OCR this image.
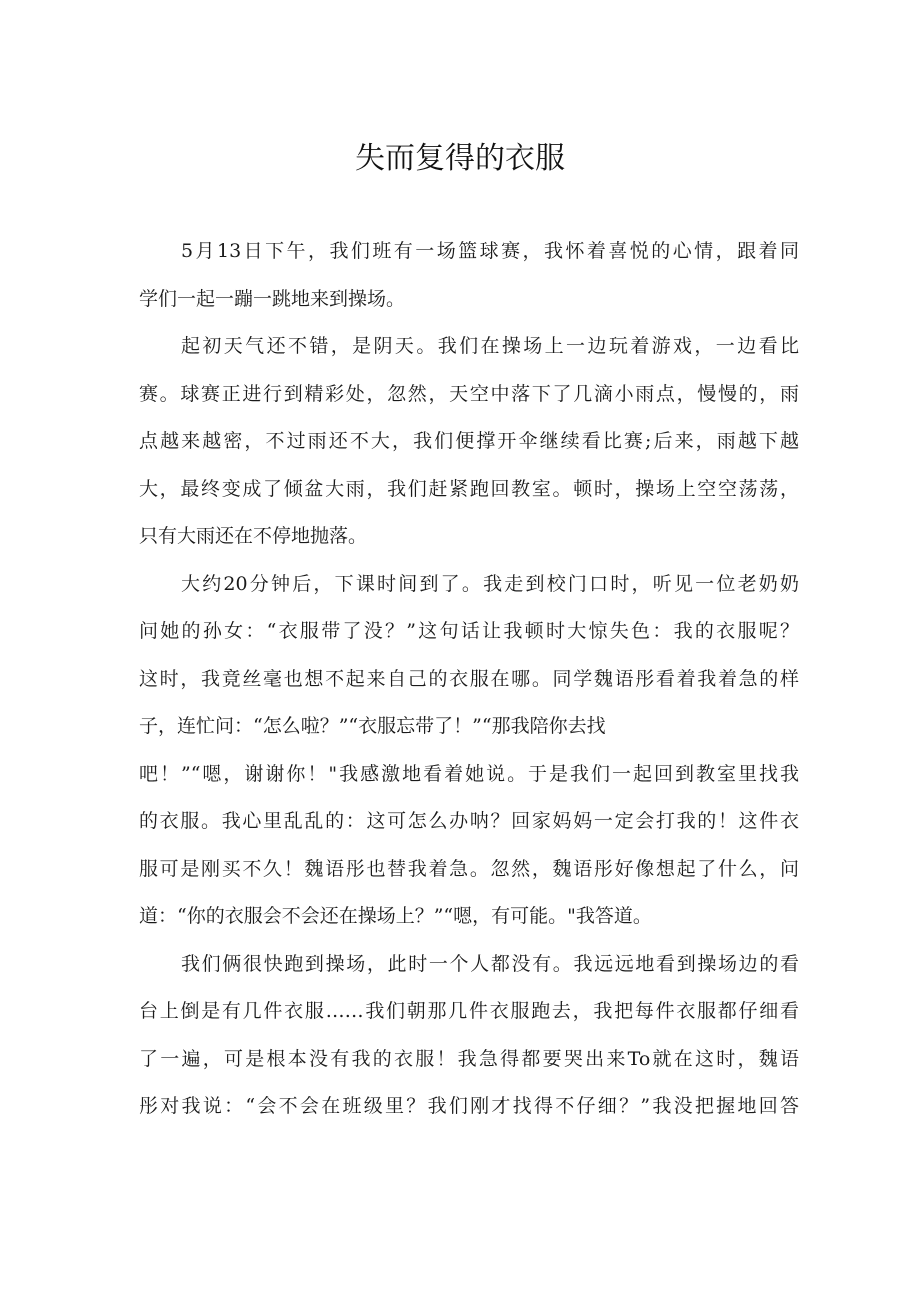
失而复得的衣服
5月13日下午，我们班有一场篮球赛，我怀着喜悦的心情，跟着同
学们一起一蹦一跳地来到操场。
起初天气还不错，是阴天。我们在操场上一边玩着游戏，一边看比
赛。球赛正进行到精彩处，忽然，天空中落下了几滴小雨点，慢慢的，雨
点越来越密，不过雨还不大，我们便撑开伞继续看比赛;后来，雨越下越
大，最终变成了倾盆大雨，我们赶紧跑回教室。顿时，操场上空空荡荡，
只有大雨还在不停地抛落。
大约20分钟后，下课时间到了。我走到校门口时，听见一位老奶奶
问她的孙女：“衣服带了没？”这句话让我顿时大惊失色：我的衣服呢？
这时，我竟丝毫也想不起来自己的衣服在哪。同学魏语彤看着我着急的样
子，连忙问：“怎么啦？”“衣服忘带了！”“那我陪你去找
吧！”“嗯，谢谢你！"我感激地看着她说。于是我们一起回到教室里找我
的衣服。我心里乱乱的：这可怎么办呐？回家妈妈一定会打我的！这件衣
服可是刚买不久！魏语彤也替我着急。忽然，魏语彤好像想起了什么，问
道：“你的衣服会不会还在操场上？”“嗯，有可能。"我答道。
我们俩很快跑到操场，此时一个人都没有。我远远地看到操场边的看
台上倒是有几件衣服……我们朝那几件衣服跑去，我把每件衣服都仔细看
了一遍，可是根本没有我的衣服！我急得都要哭出来To就在这时，魏语
彤对我说：“会不会在班级里？我们刚才找得不仔细？”我没把握地回答
